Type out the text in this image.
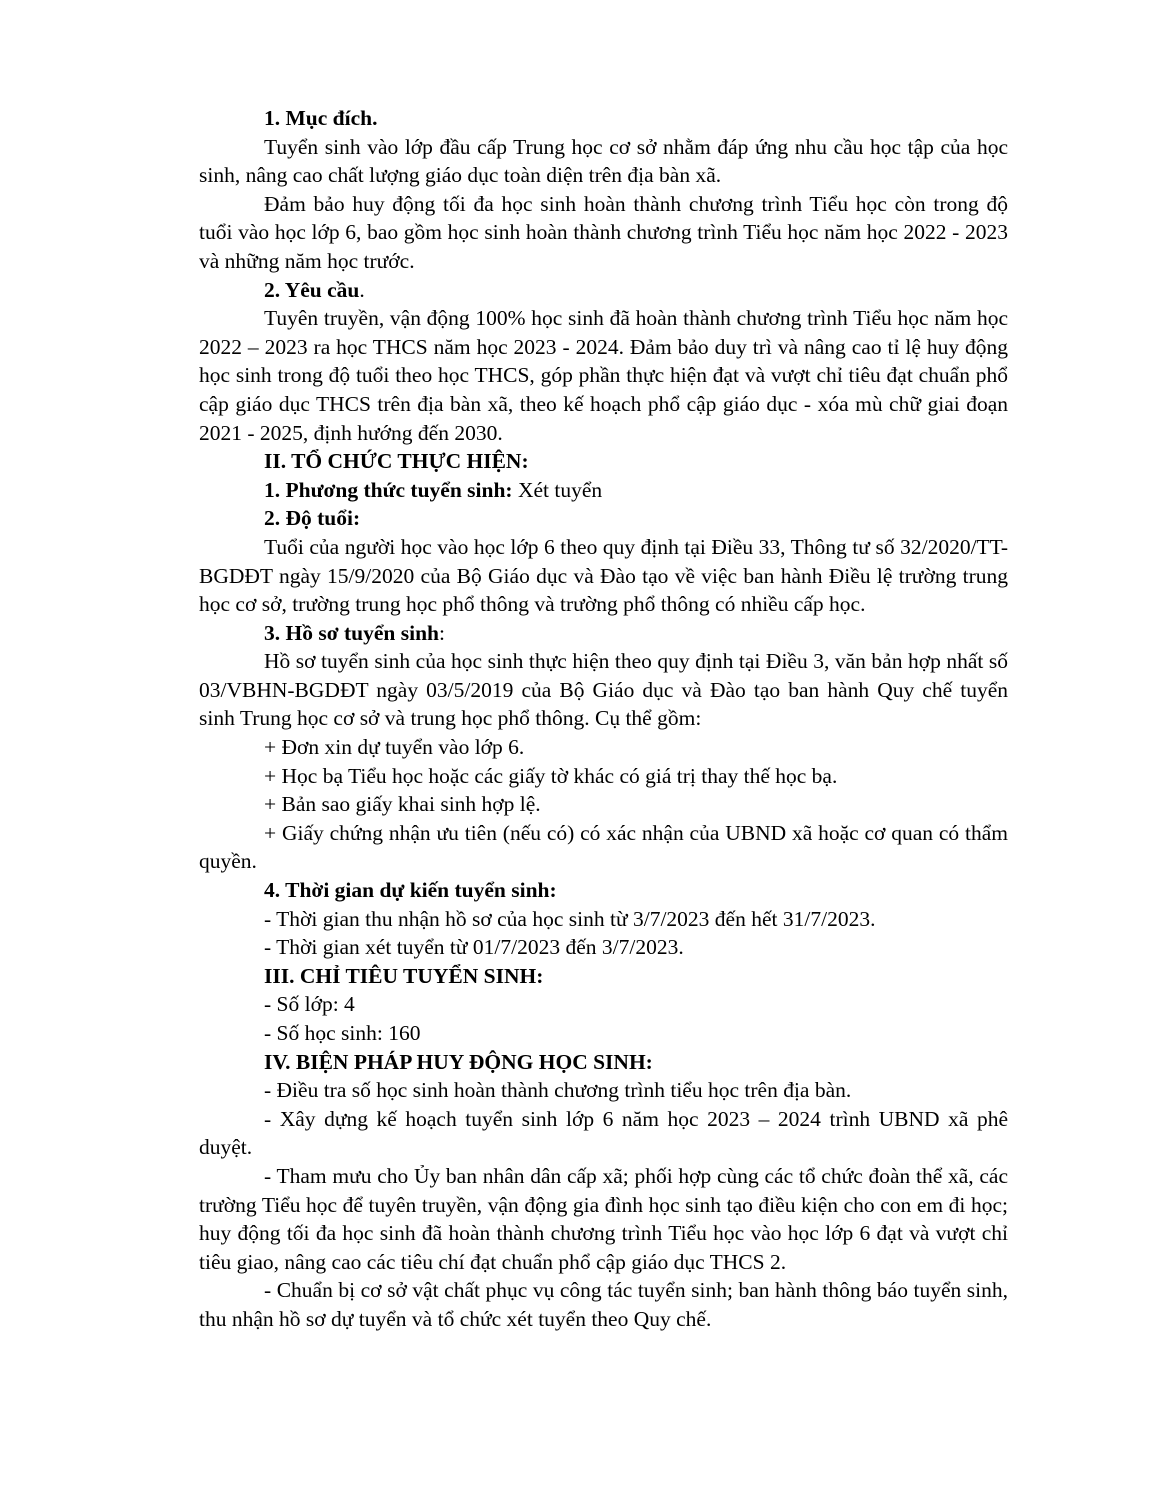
1. Mục đích.

Tuyển sinh vào lớp đầu cấp Trung học cơ sở nhằm đáp ứng nhu cầu học tập của học sinh, nâng cao chất lượng giáo dục toàn diện trên địa bàn xã.

Đảm bảo huy động tối đa học sinh hoàn thành chương trình Tiểu học còn trong độ tuổi vào học lớp 6, bao gồm học sinh hoàn thành chương trình Tiểu học năm học 2022 - 2023 và những năm học trước.

2. Yêu cầu.

Tuyên truyền, vận động 100% học sinh đã hoàn thành chương trình Tiểu học năm học 2022 – 2023 ra học THCS năm học 2023 - 2024. Đảm bảo duy trì và nâng cao tỉ lệ huy động học sinh trong độ tuổi theo học THCS, góp phần thực hiện đạt và vượt chỉ tiêu đạt chuẩn phổ cập giáo dục THCS trên địa bàn xã, theo kế hoạch phổ cập giáo dục - xóa mù chữ giai đoạn 2021 - 2025, định hướng đến 2030.

II. TỔ CHỨC THỰC HIỆN:

1. Phương thức tuyển sinh: Xét tuyển

2. Độ tuổi:

Tuổi của người học vào học lớp 6 theo quy định tại Điều 33, Thông tư số 32/2020/TT-BGDĐT ngày 15/9/2020 của Bộ Giáo dục và Đào tạo về việc ban hành Điều lệ trường trung học cơ sở, trường trung học phổ thông và trường phổ thông có nhiều cấp học.

3. Hồ sơ tuyển sinh:

Hồ sơ tuyển sinh của học sinh thực hiện theo quy định tại Điều 3, văn bản hợp nhất số 03/VBHN-BGDĐT ngày 03/5/2019 của Bộ Giáo dục và Đào tạo ban hành Quy chế tuyển sinh Trung học cơ sở và trung học phổ thông. Cụ thể gồm:

+ Đơn xin dự tuyển vào lớp 6.

+ Học bạ Tiểu học hoặc các giấy tờ khác có giá trị thay thế học bạ.

+ Bản sao giấy khai sinh hợp lệ.

+ Giấy chứng nhận ưu tiên (nếu có) có xác nhận của UBND xã hoặc cơ quan có thẩm quyền.

4. Thời gian dự kiến tuyển sinh:

- Thời gian thu nhận hồ sơ của học sinh từ 3/7/2023 đến hết 31/7/2023.

- Thời gian xét tuyển từ 01/7/2023 đến 3/7/2023.

III. CHỈ TIÊU TUYỂN SINH:

- Số lớp: 4

- Số học sinh: 160

IV. BIỆN PHÁP HUY ĐỘNG HỌC SINH:

- Điều tra số học sinh hoàn thành chương trình tiểu học trên địa bàn.

- Xây dựng kế hoạch tuyển sinh lớp 6 năm học 2023 – 2024 trình UBND xã phê duyệt.

- Tham mưu cho Ủy ban nhân dân cấp xã; phối hợp cùng các tổ chức đoàn thể xã, các trường Tiểu học để tuyên truyền, vận động gia đình học sinh tạo điều kiện cho con em đi học; huy động tối đa học sinh đã hoàn thành chương trình Tiểu học vào học lớp 6 đạt và vượt chỉ tiêu giao, nâng cao các tiêu chí đạt chuẩn phổ cập giáo dục THCS 2.

- Chuẩn bị cơ sở vật chất phục vụ công tác tuyển sinh; ban hành thông báo tuyển sinh, thu nhận hồ sơ dự tuyển và tổ chức xét tuyển theo Quy chế.
